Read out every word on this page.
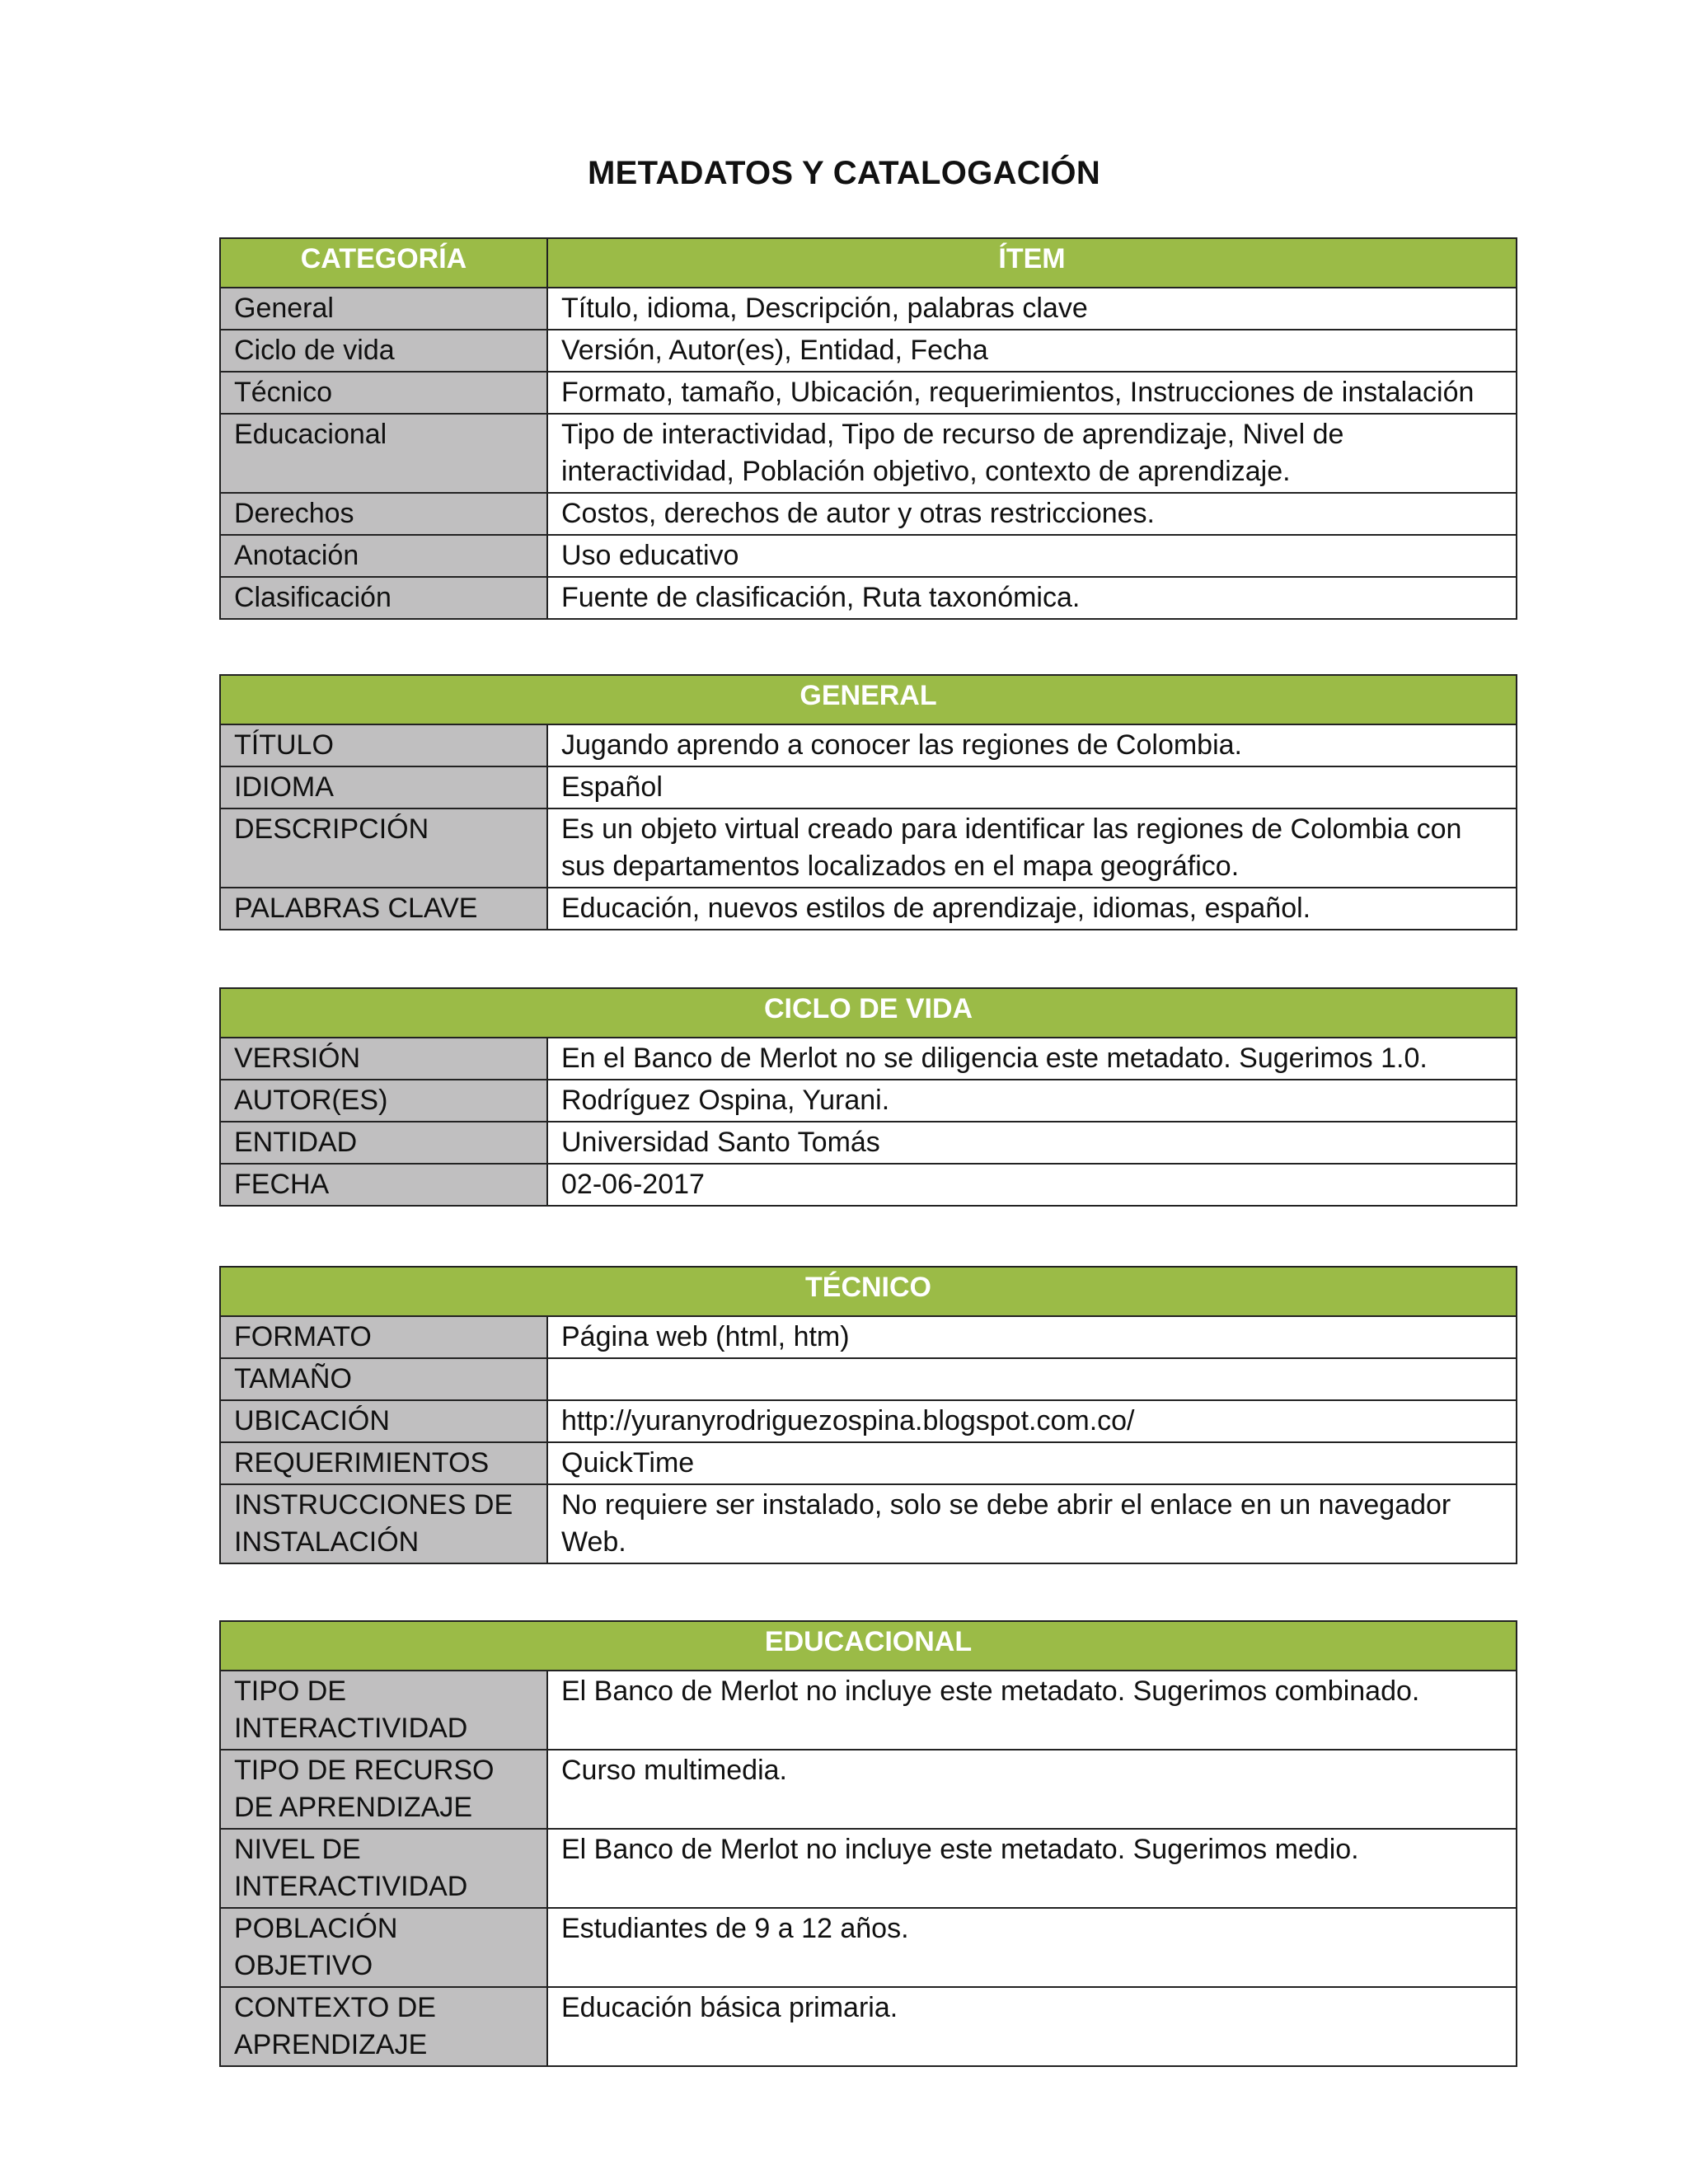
METADATOS Y CATALOGACIÓN
CATEGORÍA	ÍTEM
General	Título, idioma, Descripción, palabras clave
Ciclo de vida	Versión, Autor(es), Entidad, Fecha
Técnico	Formato, tamaño, Ubicación, requerimientos, Instrucciones de instalación
Educacional	Tipo de interactividad, Tipo de recurso de aprendizaje, Nivel de interactividad, Población objetivo, contexto de aprendizaje.
Derechos	Costos, derechos de autor y otras restricciones.
Anotación	Uso educativo
Clasificación	Fuente de clasificación, Ruta taxonómica.
GENERAL	
TÍTULO	Jugando aprendo a conocer las regiones de Colombia.
IDIOMA	Español
DESCRIPCIÓN	Es un objeto virtual creado para identificar las regiones de Colombia con sus departamentos localizados en el mapa geográfico.
PALABRAS CLAVE	Educación, nuevos estilos de aprendizaje, idiomas, español.
CICLO DE VIDA	
VERSIÓN	En el Banco de Merlot no se diligencia este metadato. Sugerimos 1.0.
AUTOR(ES)	Rodríguez Ospina, Yurani.
ENTIDAD	Universidad Santo Tomás
FECHA	02-06-2017
TÉCNICO	
FORMATO	Página web (html, htm)
TAMAÑO	
UBICACIÓN	http://yuranyrodriguezospina.blogspot.com.co/
REQUERIMIENTOS	QuickTime
INSTRUCCIONES DE INSTALACIÓN	No requiere ser instalado, solo se debe abrir el enlace en un navegador Web.
EDUCACIONAL	
TIPO DE INTERACTIVIDAD	El Banco de Merlot no incluye este metadato. Sugerimos combinado.
TIPO DE RECURSO DE APRENDIZAJE	Curso multimedia.
NIVEL DE INTERACTIVIDAD	El Banco de Merlot no incluye este metadato. Sugerimos medio.
POBLACIÓN OBJETIVO	Estudiantes de 9 a 12 años.
CONTEXTO DE APRENDIZAJE	Educación básica primaria.
